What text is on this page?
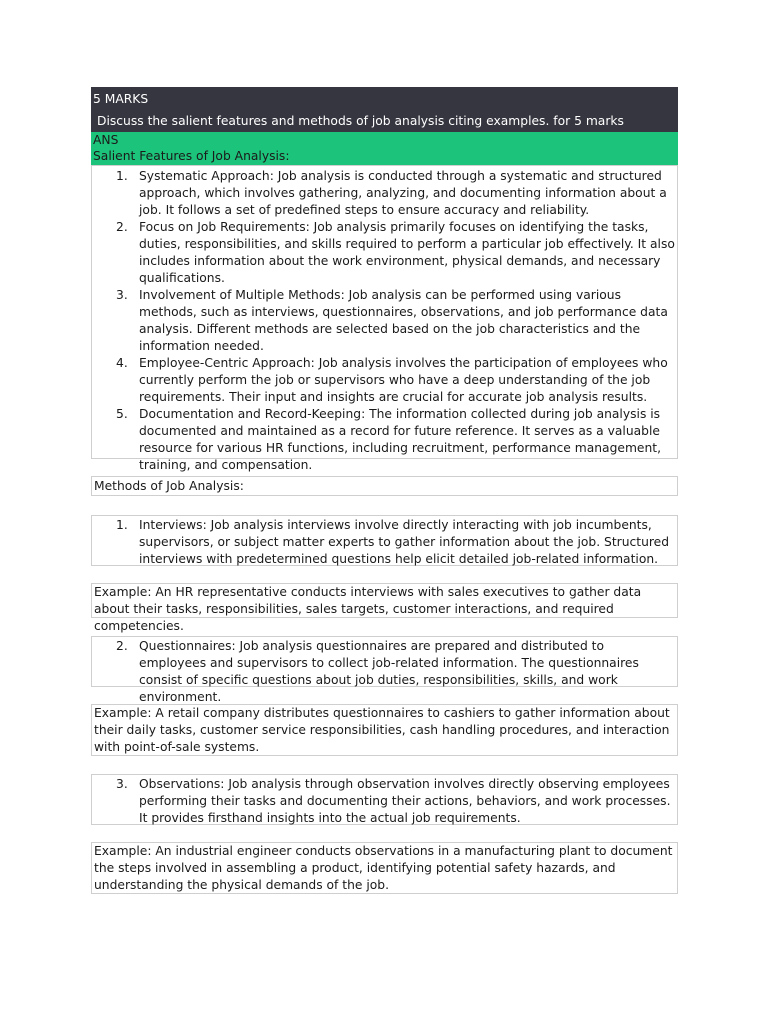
5 MARKS
Discuss the salient features and methods of job analysis citing examples. for 5 marks
ANS
Salient Features of Job Analysis:
1. Systematic Approach: Job analysis is conducted through a systematic and structured approach, which involves gathering, analyzing, and documenting information about a job. It follows a set of predefined steps to ensure accuracy and reliability.
2. Focus on Job Requirements: Job analysis primarily focuses on identifying the tasks, duties, responsibilities, and skills required to perform a particular job effectively. It also includes information about the work environment, physical demands, and necessary qualifications.
3. Involvement of Multiple Methods: Job analysis can be performed using various methods, such as interviews, questionnaires, observations, and job performance data analysis. Different methods are selected based on the job characteristics and the information needed.
4. Employee-Centric Approach: Job analysis involves the participation of employees who currently perform the job or supervisors who have a deep understanding of the job requirements. Their input and insights are crucial for accurate job analysis results.
5. Documentation and Record-Keeping: The information collected during job analysis is documented and maintained as a record for future reference. It serves as a valuable resource for various HR functions, including recruitment, performance management, training, and compensation.
Methods of Job Analysis:
1. Interviews: Job analysis interviews involve directly interacting with job incumbents, supervisors, or subject matter experts to gather information about the job. Structured interviews with predetermined questions help elicit detailed job-related information.
Example: An HR representative conducts interviews with sales executives to gather data about their tasks, responsibilities, sales targets, customer interactions, and required competencies.
2. Questionnaires: Job analysis questionnaires are prepared and distributed to employees and supervisors to collect job-related information. The questionnaires consist of specific questions about job duties, responsibilities, skills, and work environment.
Example: A retail company distributes questionnaires to cashiers to gather information about their daily tasks, customer service responsibilities, cash handling procedures, and interaction with point-of-sale systems.
3. Observations: Job analysis through observation involves directly observing employees performing their tasks and documenting their actions, behaviors, and work processes. It provides firsthand insights into the actual job requirements.
Example: An industrial engineer conducts observations in a manufacturing plant to document the steps involved in assembling a product, identifying potential safety hazards, and understanding the physical demands of the job.
